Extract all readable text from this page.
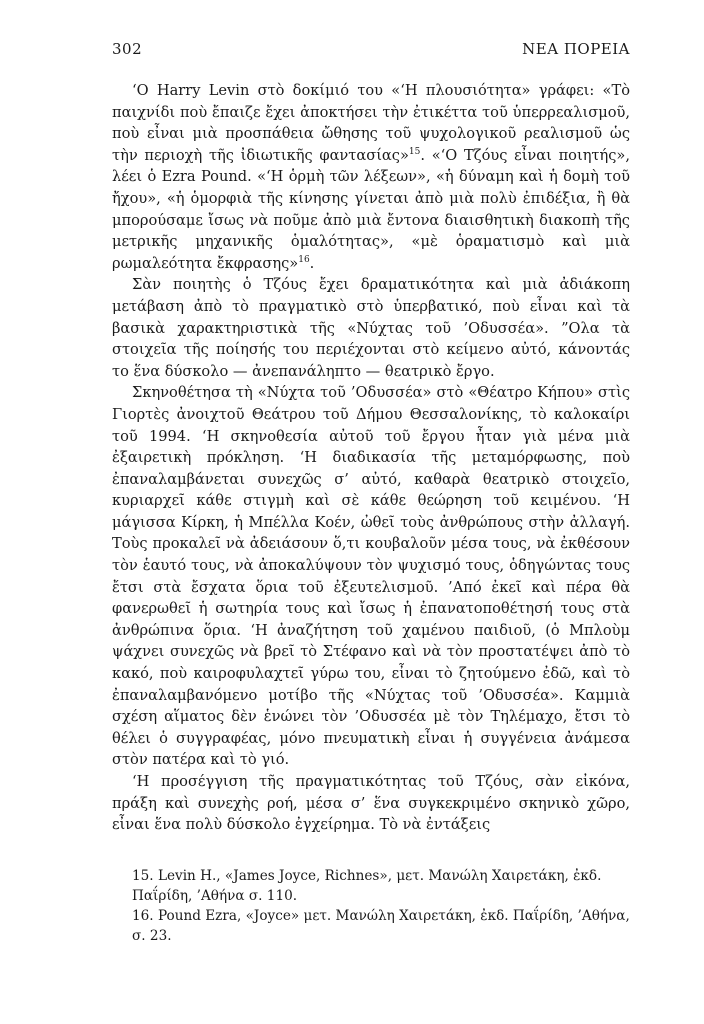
302	ΝΕΑ ΠΟΡΕΙΑ

‘Ο Harry Levin στὸ δοκίμιό του «‘Η πλουσιότητα» γράφει: «Τὸ παιχνίδι ποὺ ἔπαιζε ἔχει ἀποκτήσει τὴν ἐτικέττα τοῦ ὑπερρεαλισμοῦ, ποὺ εἶναι μιὰ προσπάθεια ὤθησης τοῦ ψυχολογικοῦ ρεαλισμοῦ ὡς τὴν περιοχὴ τῆς ἰδιωτικῆς φαντασίας»$^{15}$. «‘Ο Τζόυς εἶναι ποιητής», λέει ὁ Ezra Pound. «‘Η ὁρμὴ τῶν λέξεων», «ἡ δύναμη καὶ ἡ δομὴ τοῦ ἤχου», «ἡ ὁμορφιὰ τῆς κίνησης γίνεται ἀπὸ μιὰ πολὺ ἐπιδέξια, ἢ θὰ μπορούσαμε ἴσως νὰ ποῦμε ἀπὸ μιὰ ἔντονα διαισθητικὴ διακοπὴ τῆς μετρικῆς μηχανικῆς ὁμαλότητας», «μὲ ὁραματισμὸ καὶ μιὰ ρωμαλεότητα ἔκφρασης»$^{16}$.

Σὰν ποιητὴς ὁ Τζόυς ἔχει δραματικότητα καὶ μιὰ ἀδιάκοπη μετάβαση ἀπὸ τὸ πραγματικὸ στὸ ὑπερβατικό, ποὺ εἶναι καὶ τὰ βασικὰ χαρακτηριστικὰ τῆς «Νύχτας τοῦ ’Οδυσσέα». ”Ολα τὰ στοιχεῖα τῆς ποίησής του περιέχονται στὸ κείμενο αὐτό, κάνοντάς το ἕνα δύσκολο — ἀνεπανάληπτο — θεατρικὸ ἔργο.

Σκηνοθέτησα τὴ «Νύχτα τοῦ ’Οδυσσέα» στὸ «Θέατρο Κήπου» στὶς Γιορτὲς ἀνοιχτοῦ Θεάτρου τοῦ Δήμου Θεσσαλονίκης, τὸ καλοκαίρι τοῦ 1994. ‘Η σκηνοθεσία αὐτοῦ τοῦ ἔργου ἦταν γιὰ μένα μιὰ ἐξαιρετικὴ πρόκληση. ‘Η διαδικασία τῆς μεταμόρφωσης, ποὺ ἐπαναλαμβάνεται συνεχῶς σ’ αὐτό, καθαρὰ θεατρικὸ στοιχεῖο, κυριαρχεῖ κάθε στιγμὴ καὶ σὲ κάθε θεώρηση τοῦ κειμένου. ‘Η μάγισσα Κίρκη, ἡ Μπέλλα Κοέν, ὠθεῖ τοὺς ἀνθρώπους στὴν ἀλλαγή. Τοὺς προκαλεῖ νὰ ἀδειάσουν ὅ,τι κουβαλοῦν μέσα τους, νὰ ἐκθέσουν τὸν ἑαυτό τους, νὰ ἀποκαλύψουν τὸν ψυχισμό τους, ὁδηγώντας τους ἔτσι στὰ ἔσχατα ὅρια τοῦ ἐξευτελισμοῦ. ’Από ἐκεῖ καὶ πέρα θὰ φανερωθεῖ ἡ σωτηρία τους καὶ ἴσως ἡ ἐπανατοποθέτησή τους στὰ ἀνθρώπινα ὅρια. ‘Η ἀναζήτηση τοῦ χαμένου παιδιοῦ, (ὁ Μπλοὺμ ψάχνει συνεχῶς νὰ βρεῖ τὸ Στέφανο καὶ νὰ τὸν προστατέψει ἀπὸ τὸ κακό, ποὺ καιροφυλαχτεῖ γύρω του, εἶναι τὸ ζητούμενο ἐδῶ, καὶ τὸ ἐπαναλαμβανόμενο μοτίβο τῆς «Νύχτας τοῦ ’Οδυσσέα». Καμμιὰ σχέση αἵματος δὲν ἑνώνει τὸν ’Οδυσσέα μὲ τὸν Τηλέμαχο, ἔτσι τὸ θέλει ὁ συγγραφέας, μόνο πνευματικὴ εἶναι ἡ συγγένεια ἀνάμεσα στὸν πατέρα καὶ τὸ γιό.

‘Η προσέγγιση τῆς πραγματικότητας τοῦ Τζόυς, σὰν εἰκόνα, πράξη καὶ συνεχὴς ροή, μέσα σ’ ἕνα συγκεκριμένο σκηνικὸ χῶρο, εἶναι ἕνα πολὺ δύσκολο ἐγχείρημα. Τὸ νὰ ἐντάξεις

15. Levin H., «James Joyce, Richnes», μετ. Μανώλη Χαιρετάκη, ἐκδ. Παΐρίδη, ’Αθήνα σ. 110.

16. Pound Ezra, «Joyce» μετ. Μανώλη Χαιρετάκη, ἐκδ. Παΐρίδη, ’Αθήνα, σ. 23.
